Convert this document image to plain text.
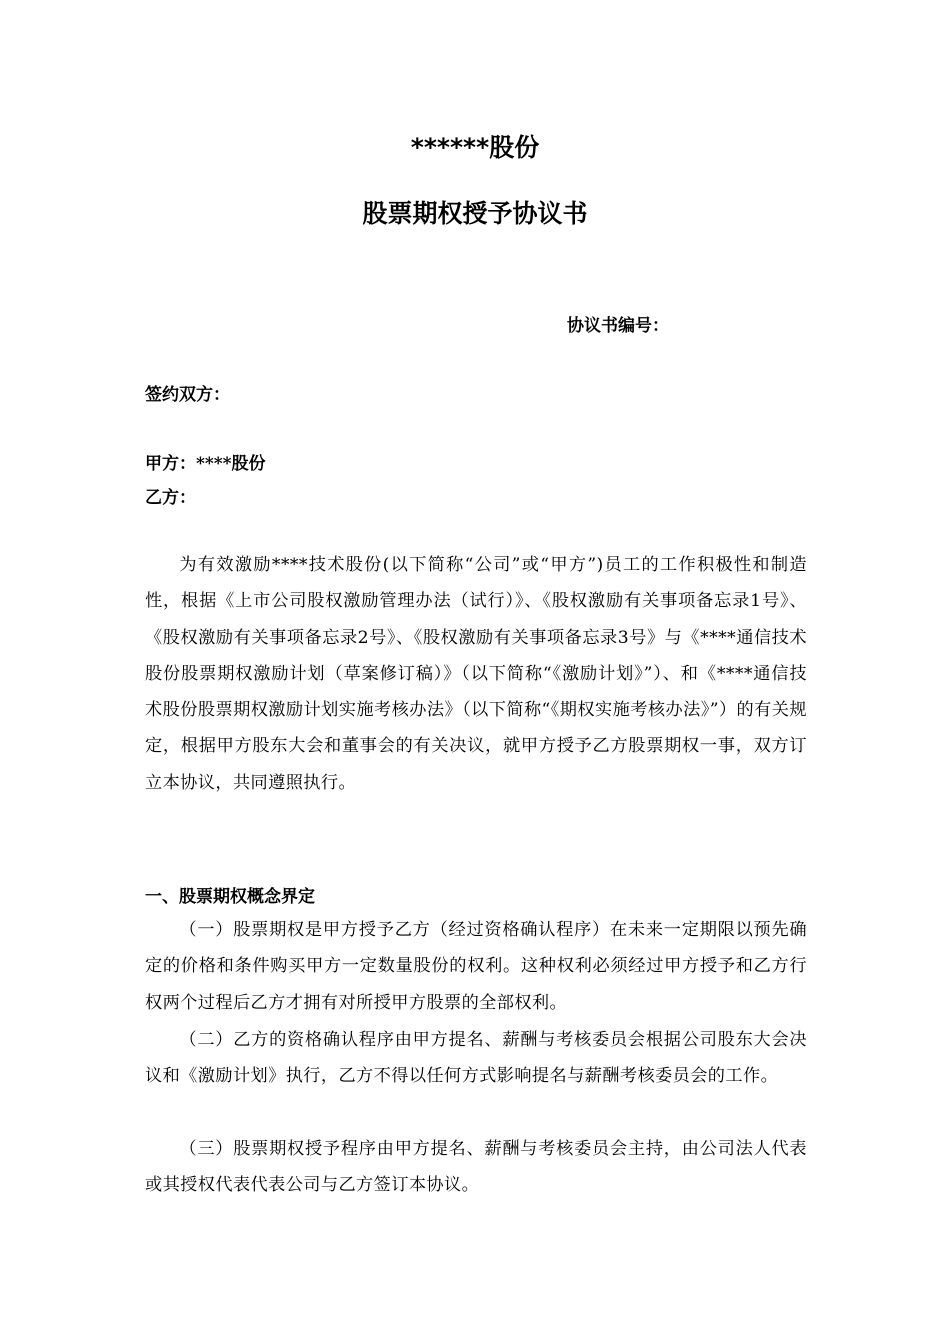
******股份
股票期权授予协议书
协议书编号：
签约双方：
甲方：****股份
乙方：

为有效激励****技术股份(以下简称“公司”或“甲方”)员工的工作积极性和制造性，根据《上市公司股权激励管理办法（试行）》、《股权激励有关事项备忘录1号》、《股权激励有关事项备忘录2号》、《股权激励有关事项备忘录3号》与《****通信技术股份股票期权激励计划（草案修订稿）》（以下简称“《激励计划》”）、和《****通信技术股份股票期权激励计划实施考核办法》（以下简称“《期权实施考核办法》”）的有关规定，根据甲方股东大会和董事会的有关决议，就甲方授予乙方股票期权一事，双方订立本协议，共同遵照执行。

一、股票期权概念界定

（一）股票期权是甲方授予乙方（经过资格确认程序）在未来一定期限以预先确定的价格和条件购买甲方一定数量股份的权利。这种权利必须经过甲方授予和乙方行权两个过程后乙方才拥有对所授甲方股票的全部权利。

（二）乙方的资格确认程序由甲方提名、薪酬与考核委员会根据公司股东大会决议和《激励计划》执行，乙方不得以任何方式影响提名与薪酬考核委员会的工作。

（三）股票期权授予程序由甲方提名、薪酬与考核委员会主持，由公司法人代表或其授权代表代表公司与乙方签订本协议。
